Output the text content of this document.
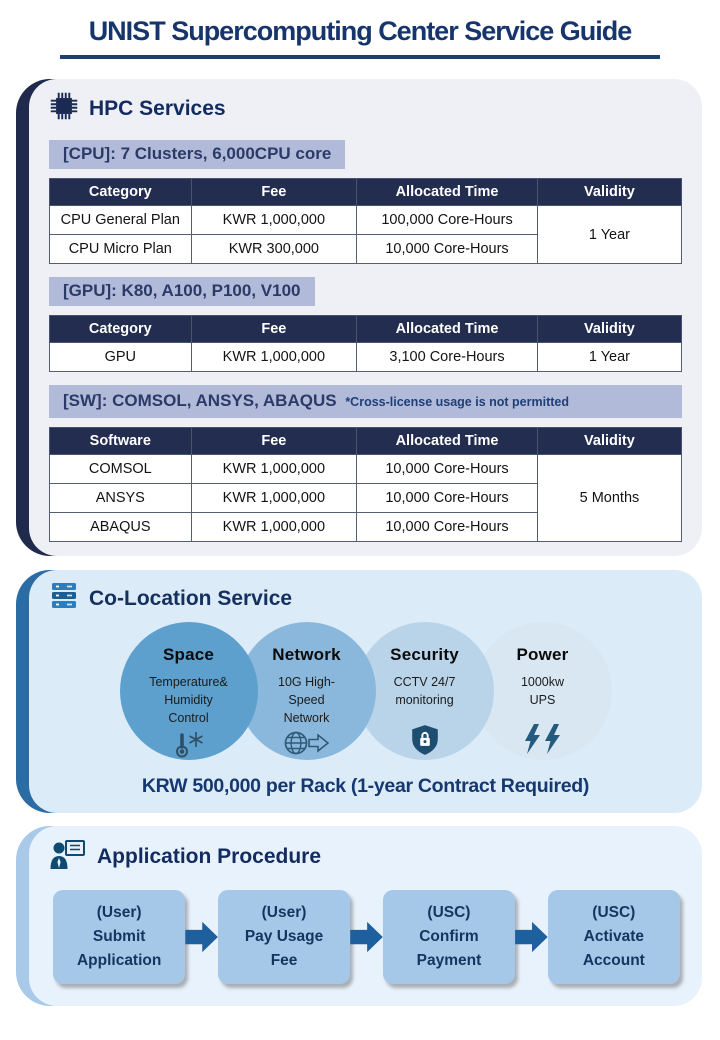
UNIST Supercomputing Center Service Guide
HPC Services
[CPU]: 7 Clusters, 6,000CPU core
Category	Fee	Allocated Time	Validity
CPU General Plan	KWR 1,000,000	100,000 Core-Hours	1 Year
CPU Micro Plan	KWR 300,000	10,000 Core-Hours	
[GPU]: K80, A100, P100, V100
Category	Fee	Allocated Time	Validity
GPU	KWR 1,000,000	3,100 Core-Hours	1 Year
[SW]: COMSOL, ANSYS, ABAQUS *Cross-license usage is not permitted
Software	Fee	Allocated Time	Validity
COMSOL	KWR 1,000,000	10,000 Core-Hours	5 Months
ANSYS	KWR 1,000,000	10,000 Core-Hours	
ABAQUS	KWR 1,000,000	10,000 Core-Hours	
Co-Location Service
Space
Temperature&
Humidity
Control
Network
10G High-
Speed
Network
Security
CCTV 24/7
monitoring
Power
1000kw
UPS
KRW 500,000 per Rack (1-year Contract Required)
Application Procedure
(User)
Submit
Application
(User)
Pay Usage
Fee
(USC)
Confirm
Payment
(USC)
Activate
Account
